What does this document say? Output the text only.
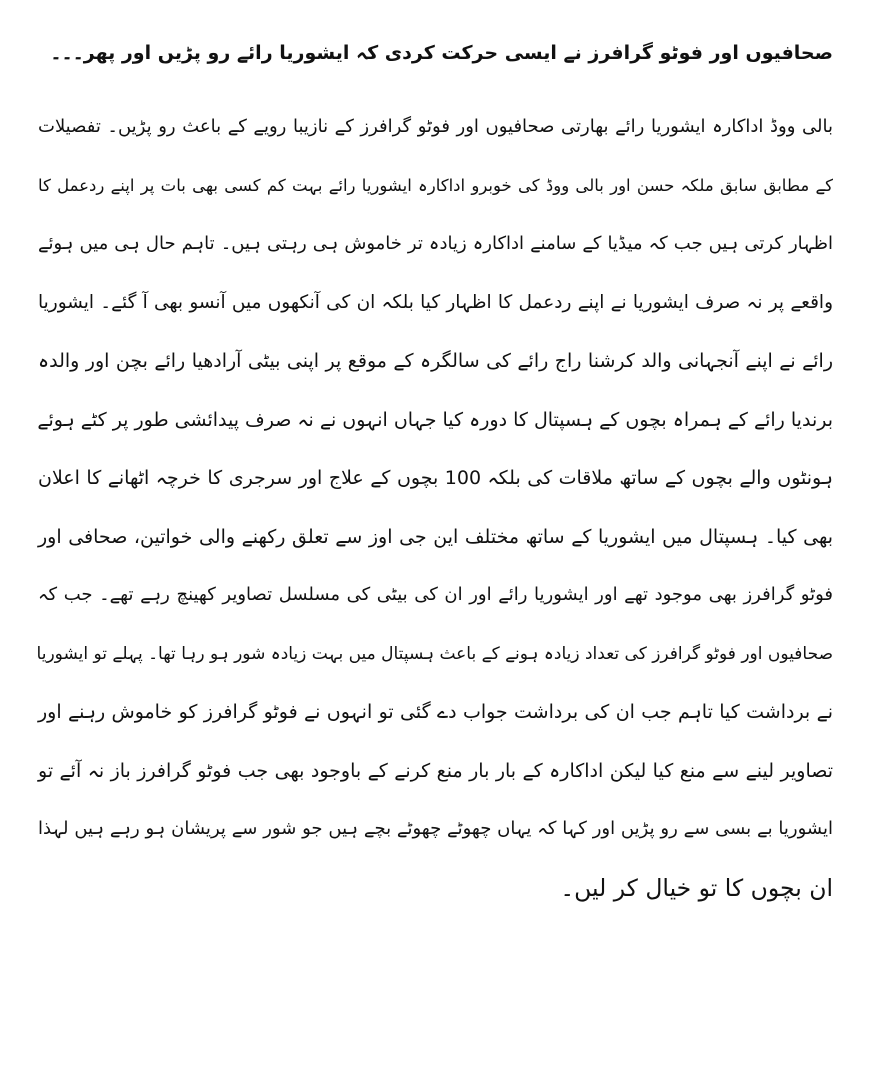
صحافیوں اور فوٹو گرافرز نے ایسی حرکت کردی کہ ایشوریا رائے رو پڑیں اور پھر۔۔۔
بالی ووڈ اداکارہ ایشوریا رائے بھارتی صحافیوں اور فوٹو گرافرز کے نازیبا رویے کے باعث رو پڑیں۔ تفصیلات
کے مطابق سابق ملکہ حسن اور بالی ووڈ کی خوبرو اداکارہ ایشوریا رائے بہت کم کسی بھی بات پر اپنے ردعمل کا
اظہار کرتی ہیں جب کہ میڈیا کے سامنے اداکارہ زیادہ تر خاموش ہی رہتی ہیں۔ تاہم حال ہی میں ہوئے
واقعے پر نہ صرف ایشوریا نے اپنے ردعمل کا اظہار کیا بلکہ ان کی آنکھوں میں آنسو بھی آ گئے۔ ایشوریا
رائے نے اپنے آنجہانی والد کرشنا راج رائے کی سالگرہ کے موقع پر اپنی بیٹی آرادھیا رائے بچن اور والدہ
برندیا رائے کے ہمراہ بچوں کے ہسپتال کا دورہ کیا جہاں انہوں نے نہ صرف پیدائشی طور پر کٹے ہوئے
ہونٹوں والے بچوں کے ساتھ ملاقات کی بلکہ 100 بچوں کے علاج اور سرجری کا خرچہ اٹھانے کا اعلان
بھی کیا۔ ہسپتال میں ایشوریا کے ساتھ مختلف این جی اوز سے تعلق رکھنے والی خواتین، صحافی اور
فوٹو گرافرز بھی موجود تھے اور ایشوریا رائے اور ان کی بیٹی کی مسلسل تصاویر کھینچ رہے تھے۔ جب کہ
صحافیوں اور فوٹو گرافرز کی تعداد زیادہ ہونے کے باعث ہسپتال میں بہت زیادہ شور ہو رہا تھا۔ پہلے تو ایشوریا
نے برداشت کیا تاہم جب ان کی برداشت جواب دے گئی تو انہوں نے فوٹو گرافرز کو خاموش رہنے اور
تصاویر لینے سے منع کیا لیکن اداکارہ کے بار بار منع کرنے کے باوجود بھی جب فوٹو گرافرز باز نہ آئے تو
ایشوریا بے بسی سے رو پڑیں اور کہا کہ یہاں چھوٹے چھوٹے بچے ہیں جو شور سے پریشان ہو رہے ہیں لہذا
ان بچوں کا تو خیال کر لیں۔
